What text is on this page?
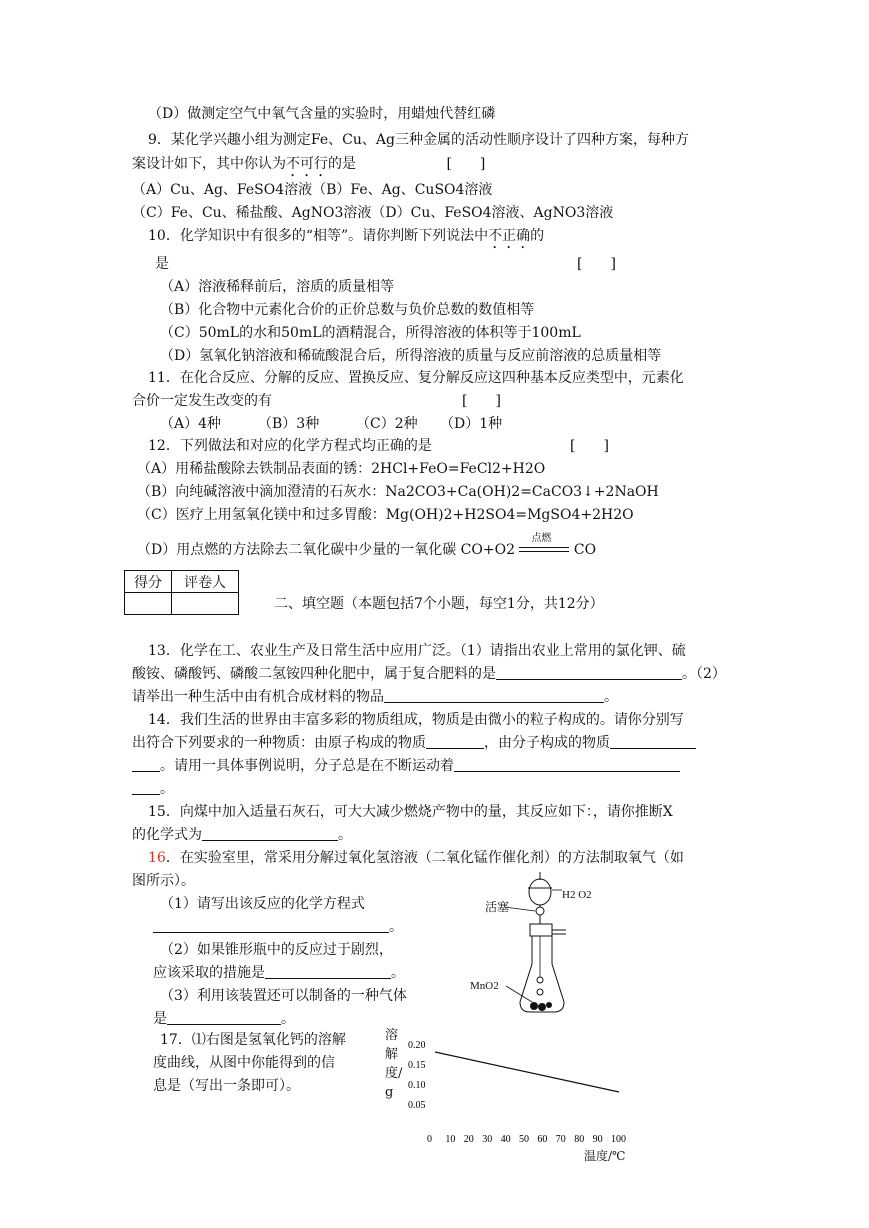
（D）做测定空气中氧气含量的实验时，用蜡烛代替红磷
9．某化学兴趣小组为测定Fe、Cu、Ag三种金属的活动性顺序设计了四种方案，每种方
案设计如下，其中你认为不可行的是	[　　]
（A）Cu、Ag、FeSO4溶液（B）Fe、Ag、CuSO4溶液
（C）Fe、Cu、稀盐酸、AgNO3溶液（D）Cu、FeSO4溶液、AgNO3溶液
10．化学知识中有很多的“相等”。请你判断下列说法中不正确的
是	[　　]
（A）溶液稀释前后，溶质的质量相等
（B）化合物中元素化合价的正价总数与负价总数的数值相等
（C）50mL的水和50mL的酒精混合，所得溶液的体积等于100mL
（D）氢氧化钠溶液和稀硫酸混合后，所得溶液的质量与反应前溶液的总质量相等
11．在化合反应、分解的反应、置换反应、复分解反应这四种基本反应类型中，元素化
合价一定发生改变的有	[　　]
（A）4种	（B）3种	（C）2种 （D）1种
12．下列做法和对应的化学方程式均正确的是	[　　]
（A）用稀盐酸除去铁制品表面的锈：2HCl+FeO=FeCl2+H2O
（B）向纯碱溶液中滴加澄清的石灰水：Na2CO3+Ca(OH)2=CaCO3↓+2NaOH
（C）医疗上用氢氧化镁中和过多胃酸：Mg(OH)2+H2SO4=MgSO4+2H2O
（D）用点燃的方法除去二氧化碳中少量的一氧化碳 CO+O2
点燃
CO
得分	评卷人

二、填空题（本题包括7个小题，每空1分，共12分）
13．化学在工、农业生产及日常生活中应用广泛。（1）请指出农业上常用的氯化钾、硫
酸铵、磷酸钙、磷酸二氢铵四种化肥中，属于复合肥料的是	。（2）
请举出一种生活中由有机合成材料的物品	。
14．我们生活的世界由丰富多彩的物质组成，物质是由微小的粒子构成的。请你分别写
出符合下列要求的一种物质：由原子构成的物质	，由分子构成的物质
。请用一具体事例说明，分子总是在不断运动着
。
15．向煤中加入适量石灰石，可大大减少燃烧产物中的量，其反应如下：，请你推断X
的化学式为	。
16．在实验室里，常采用分解过氧化氢溶液（二氧化锰作催化剂）的方法制取氧气（如
图所示）。
（1）请写出该反应的化学方程式
。
（2）如果锥形瓶中的反应过于剧烈，
应该采取的措施是	。
（3）利用该装置还可以制备的一种气体
是	。
H2 O2
活塞
MnO2
17．⑴右图是氢氧化钙的溶解
度曲线，从图中你能得到的信
息是（写出一条即可）。
溶解度/g
0.20
0.15
0.10
0.05
0 10 20 30 40 50 60 70 80 90 100
温度/℃
